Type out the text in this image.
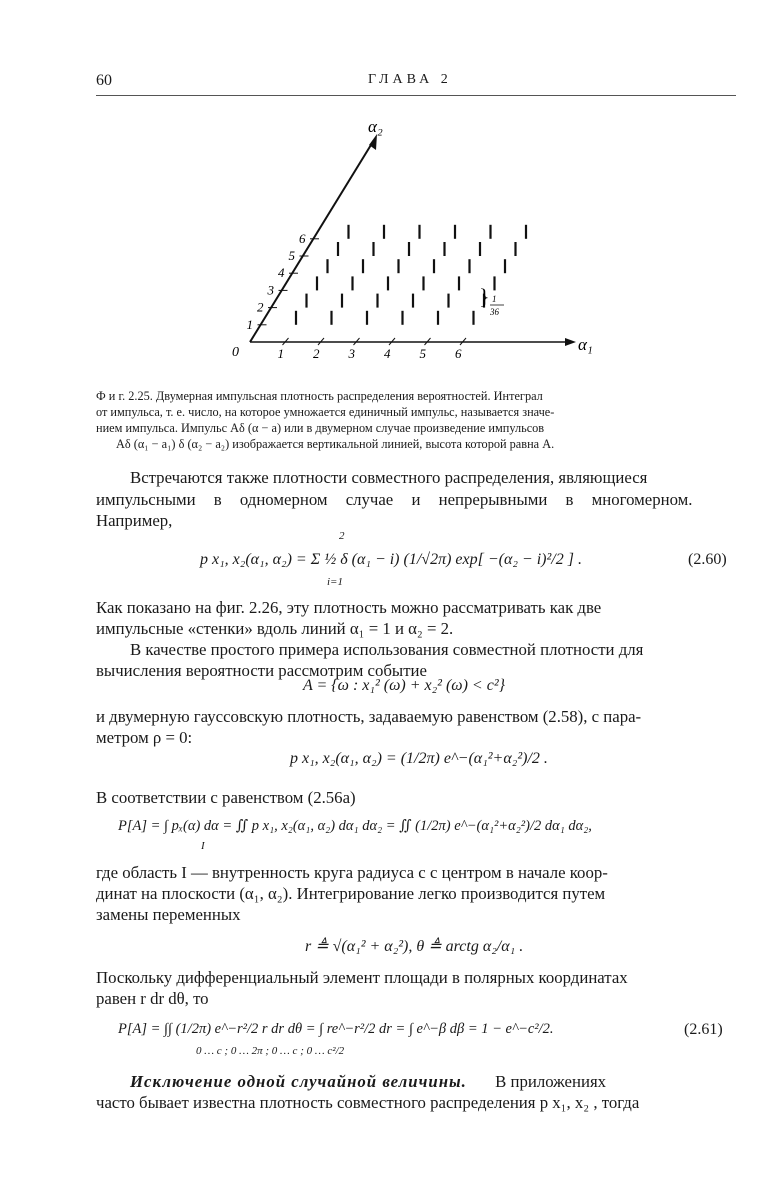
60	ГЛАВА 2
0	α₁
α₂
1 2 3 4 5 6
1
2
3
4
5
6
} 1
36

Ф и г. 2.25. Двумерная импульсная плотность распределения вероятностей. Интеграл

от импульса, т. е. число, на которое умножается единичный импульс, называется значе-

нием импульса. Импульс Aδ (α − a) или в двумерном случае произведение импульсов

Aδ (α₁ − a₁) δ (α₂ − a₂) изображается вертикальной линией, высота которой равна A.

Встречаются также плотности совместного распределения, являющиеся
импульсными в одномерном случае и непрерывными в многомерном.
Например,
2
p x₁, x₂(α₁, α₂) = Σ ½ δ (α₁ − i) (1/√2π) exp[ −(α₂ − i)²/2 ] .
i=1
(2.60)
Как показано на фиг. 2.26, эту плотность можно рассматривать как две
импульсные «стенки» вдоль линий α₁ = 1 и α₂ = 2.
В качестве простого примера использования совместной плотности для
вычисления вероятности рассмотрим событие
A = {ω : x₁² (ω) + x₂² (ω) < c²}
и двумерную гауссовскую плотность, задаваемую равенством (2.58), с пара-
метром ρ = 0:
p x₁, x₂(α₁, α₂) = (1/2π) e^−(α₁²+α₂²)/2 .
В соответствии с равенством (2.56а)
P[A] = ∫ pₓ(α) dα = ∬ p x₁, x₂(α₁, α₂) dα₁ dα₂ = ∬ (1/2π) e^−(α₁²+α₂²)/2 dα₁ dα₂,
I
где область I — внутренность круга радиуса c с центром в начале коор-
динат на плоскости (α₁, α₂). Интегрирование легко производится путем
замены переменных
r ≜ √(α₁² + α₂²), θ ≜ arctg α₂/α₁ .
Поскольку дифференциальный элемент площади в полярных координатах
равен r dr dθ, то
P[A] = ∫∫ (1/2π) e^−r²/2 r dr dθ = ∫ re^−r²/2 dr = ∫ e^−β dβ = 1 − e^−c²/2.
0 … c ; 0 … 2π ; 0 … c ; 0 … c²/2
(2.61)
Исключение одной случайной величины. В приложениях
часто бывает известна плотность совместного распределения p x₁, x₂ , тогда
